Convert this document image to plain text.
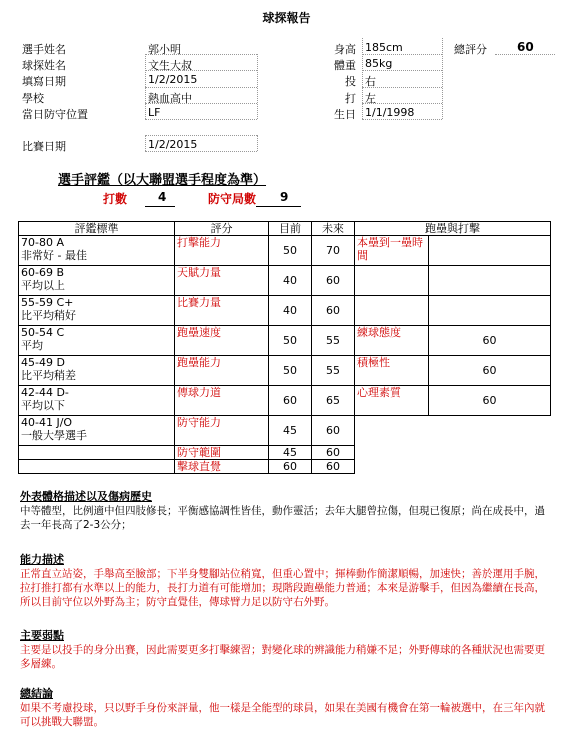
球探報告
選手姓名	郭小明
球探姓名	文生大叔
填寫日期	1/2/2015
學校	熱血高中
當日防守位置	LF
比賽日期	1/2/2015
身高 185cm
體重 85kg
投 右
打 左
生日 1/1/1998
總評分	60
選手評鑑（以大聯盟選手程度為準）
打數	4	防守局數 9
評鑑標準	評分	目前	未來	跑壘與打擊	
70-80 A
非常好 - 最佳	打擊能力	50	70	本壘到一壘時間	
60-69 B
平均以上	天賦力量	40	60		
55-59 C+
比平均稍好	比賽力量	40	60		
50-54 C
平均	跑壘速度	50	55	練球態度	60
45-49 D
比平均稍差	跑壘能力	50	55	積極性	60
42-44 D-
平均以下	傳球力道	60	65	心理素質	60
40-41 J/O
一般大學選手	防守能力	45	60		
	防守範圍	45	60		
	擊球直覺	60	60		
外表體格描述以及傷病歷史
中等體型，比例適中但四肢修長；平衡感協調性皆佳，動作靈活；去年大腿曾拉傷，但現已復原；尚在成長中，過去一年長高了2-3公分；
能力描述
正常直立站姿，手舉高至臉部；下半身雙腳站位稍寬，但重心置中；揮棒動作簡潔順暢，加速快；善於運用手腕，拉打推打都有水準以上的能力，長打力道有可能增加；現階段跑壘能力普通；本來是游擊手，但因為繼續在長高，所以目前守位以外野為主；防守直覺佳，傳球臂力足以防守右外野。
主要弱點
主要是以投手的身分出賽，因此需要更多打擊練習；對變化球的辨識能力稍嫌不足；外野傳球的各種狀況也需要更多層練。
總結論
如果不考慮投球，只以野手身份來評量，他一樣是全能型的球員，如果在美國有機會在第一輪被選中，在三年內就可以挑戰大聯盟。
